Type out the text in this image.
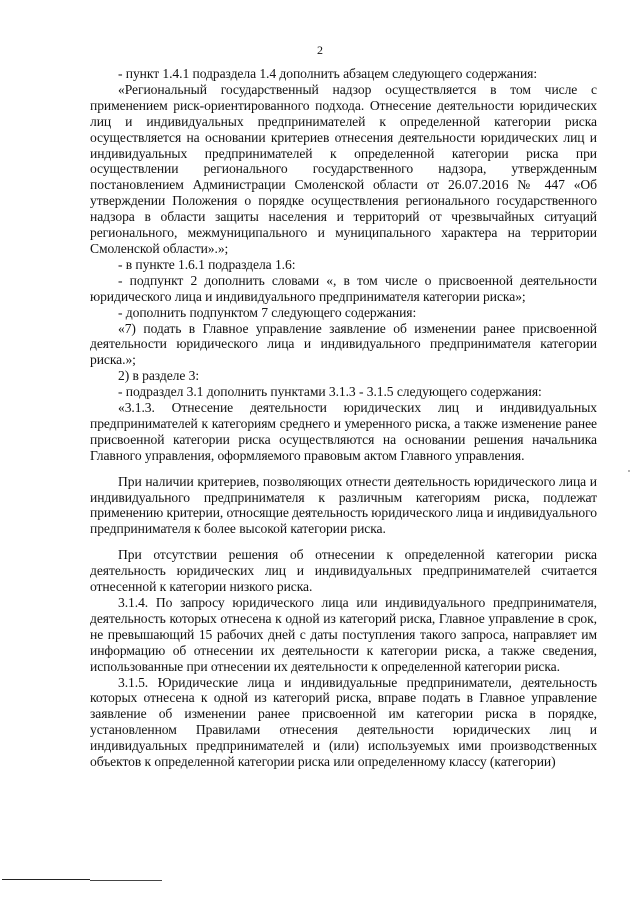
2

- пункт 1.4.1 подраздела 1.4 дополнить абзацем следующего содержания:

«Региональный государственный надзор осуществляется в том числе с применением риск-ориентированного подхода. Отнесение деятельности юридических лиц и индивидуальных предпринимателей к определенной категории риска осуществляется на основании критериев отнесения деятельности юридических лиц и индивидуальных предпринимателей к определенной категории риска при осуществлении регионального государственного надзора, утвержденным постановлением Администрации Смоленской области от 26.07.2016 № 447 «Об утверждении Положения о порядке осуществления регионального государственного надзора в области защиты населения и территорий от чрезвычайных ситуаций регионального, межмуниципального и муниципального характера на территории Смоленской области».»;

- в пункте 1.6.1 подраздела 1.6:

- подпункт 2 дополнить словами «, в том числе о присвоенной деятельности юридического лица и индивидуального предпринимателя категории риска»;

- дополнить подпунктом 7 следующего содержания:

«7) подать в Главное управление заявление об изменении ранее присвоенной деятельности юридического лица и индивидуального предпринимателя категории риска.»;

2) в разделе 3:

- подраздел 3.1 дополнить пунктами 3.1.3 - 3.1.5 следующего содержания:

«3.1.3. Отнесение деятельности юридических лиц и индивидуальных предпринимателей к категориям среднего и умеренного риска, а также изменение ранее присвоенной категории риска осуществляются на основании решения начальника Главного управления, оформляемого правовым актом Главного управления.

При наличии критериев, позволяющих отнести деятельность юридического лица и индивидуального предпринимателя к различным категориям риска, подлежат применению критерии, относящие деятельность юридического лица и индивидуального предпринимателя к более высокой категории риска.

При отсутствии решения об отнесении к определенной категории риска деятельность юридических лиц и индивидуальных предпринимателей считается отнесенной к категории низкого риска.

3.1.4. По запросу юридического лица или индивидуального предпринимателя, деятельность которых отнесена к одной из категорий риска, Главное управление в срок, не превышающий 15 рабочих дней с даты поступления такого запроса, направляет им информацию об отнесении их деятельности к категории риска, а также сведения, использованные при отнесении их деятельности к определенной категории риска.

3.1.5. Юридические лица и индивидуальные предприниматели, деятельность которых отнесена к одной из категорий риска, вправе подать в Главное управление заявление об изменении ранее присвоенной им категории риска в порядке, установленном Правилами отнесения деятельности юридических лиц и индивидуальных предпринимателей и (или) используемых ими производственных объектов к определенной категории риска или определенному классу (категории)
